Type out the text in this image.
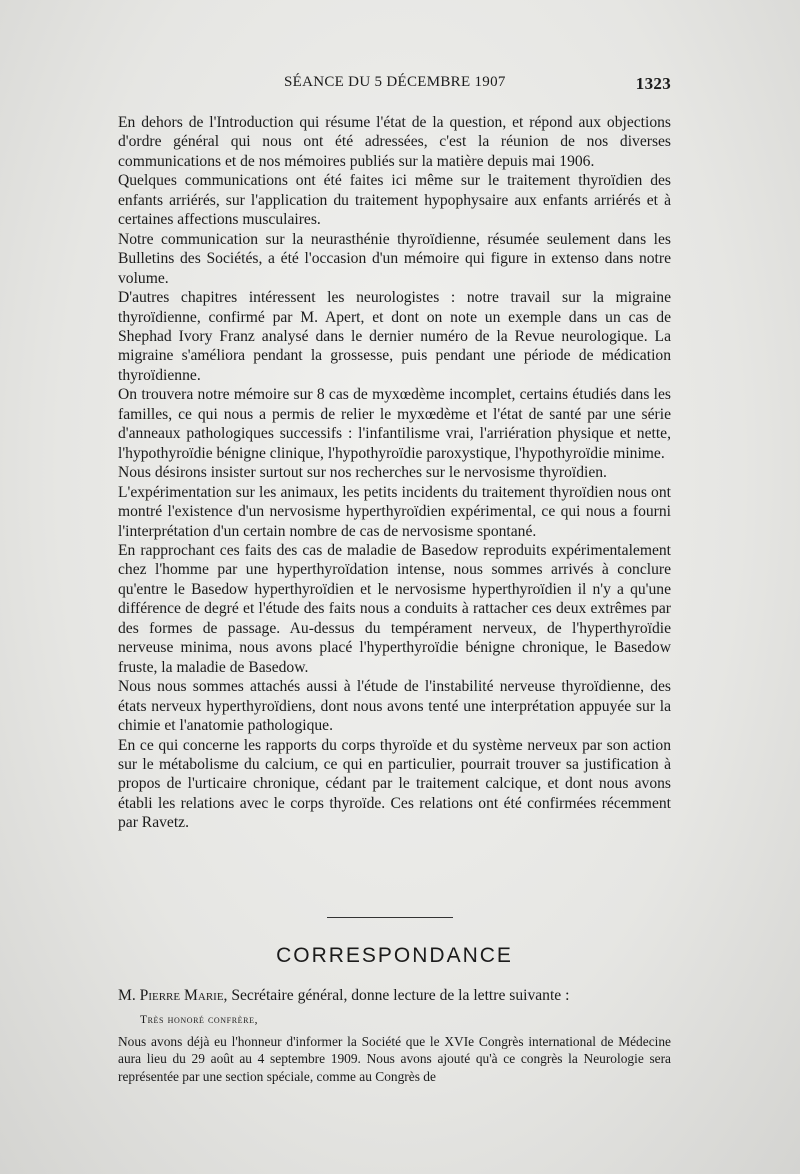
SÉANCE DU 5 DÉCEMBRE 1907	1323

En dehors de l'Introduction qui résume l'état de la question, et répond aux objections d'ordre général qui nous ont été adressées, c'est la réunion de nos diverses communications et de nos mémoires publiés sur la matière depuis mai 1906.

Quelques communications ont été faites ici même sur le traitement thyroïdien des enfants arriérés, sur l'application du traitement hypophysaire aux enfants arriérés et à certaines affections musculaires.

Notre communication sur la neurasthénie thyroïdienne, résumée seulement dans les Bulletins des Sociétés, a été l'occasion d'un mémoire qui figure in extenso dans notre volume.

D'autres chapitres intéressent les neurologistes : notre travail sur la migraine thyroïdienne, confirmé par M. Apert, et dont on note un exemple dans un cas de Shephad Ivory Franz analysé dans le dernier numéro de la Revue neurologique. La migraine s'améliora pendant la grossesse, puis pendant une période de médication thyroïdienne.

On trouvera notre mémoire sur 8 cas de myxœdème incomplet, certains étudiés dans les familles, ce qui nous a permis de relier le myxœdème et l'état de santé par une série d'anneaux pathologiques successifs : l'infantilisme vrai, l'arriération physique et nette, l'hypothyroïdie bénigne clinique, l'hypothyroïdie paroxystique, l'hypothyroïdie minime.

Nous désirons insister surtout sur nos recherches sur le nervosisme thyroïdien.

L'expérimentation sur les animaux, les petits incidents du traitement thyroïdien nous ont montré l'existence d'un nervosisme hyperthyroïdien expérimental, ce qui nous a fourni l'interprétation d'un certain nombre de cas de nervosisme spontané.

En rapprochant ces faits des cas de maladie de Basedow reproduits expérimentalement chez l'homme par une hyperthyroïdation intense, nous sommes arrivés à conclure qu'entre le Basedow hyperthyroïdien et le nervosisme hyperthyroïdien il n'y a qu'une différence de degré et l'étude des faits nous a conduits à rattacher ces deux extrêmes par des formes de passage. Au-dessus du tempérament nerveux, de l'hyperthyroïdie nerveuse minima, nous avons placé l'hyperthyroïdie bénigne chronique, le Basedow fruste, la maladie de Basedow.

Nous nous sommes attachés aussi à l'étude de l'instabilité nerveuse thyroïdienne, des états nerveux hyperthyroïdiens, dont nous avons tenté une interprétation appuyée sur la chimie et l'anatomie pathologique.

En ce qui concerne les rapports du corps thyroïde et du système nerveux par son action sur le métabolisme du calcium, ce qui en particulier, pourrait trouver sa justification à propos de l'urticaire chronique, cédant par le traitement calcique, et dont nous avons établi les relations avec le corps thyroïde. Ces relations ont été confirmées récemment par Ravetz.

CORRESPONDANCE
M. Pierre Marie, Secrétaire général, donne lecture de la lettre suivante :
Très honoré confrère,
Nous avons déjà eu l'honneur d'informer la Société que le XVIe Congrès international de Médecine aura lieu du 29 août au 4 septembre 1909. Nous avons ajouté qu'à ce congrès la Neurologie sera représentée par une section spéciale, comme au Congrès de
